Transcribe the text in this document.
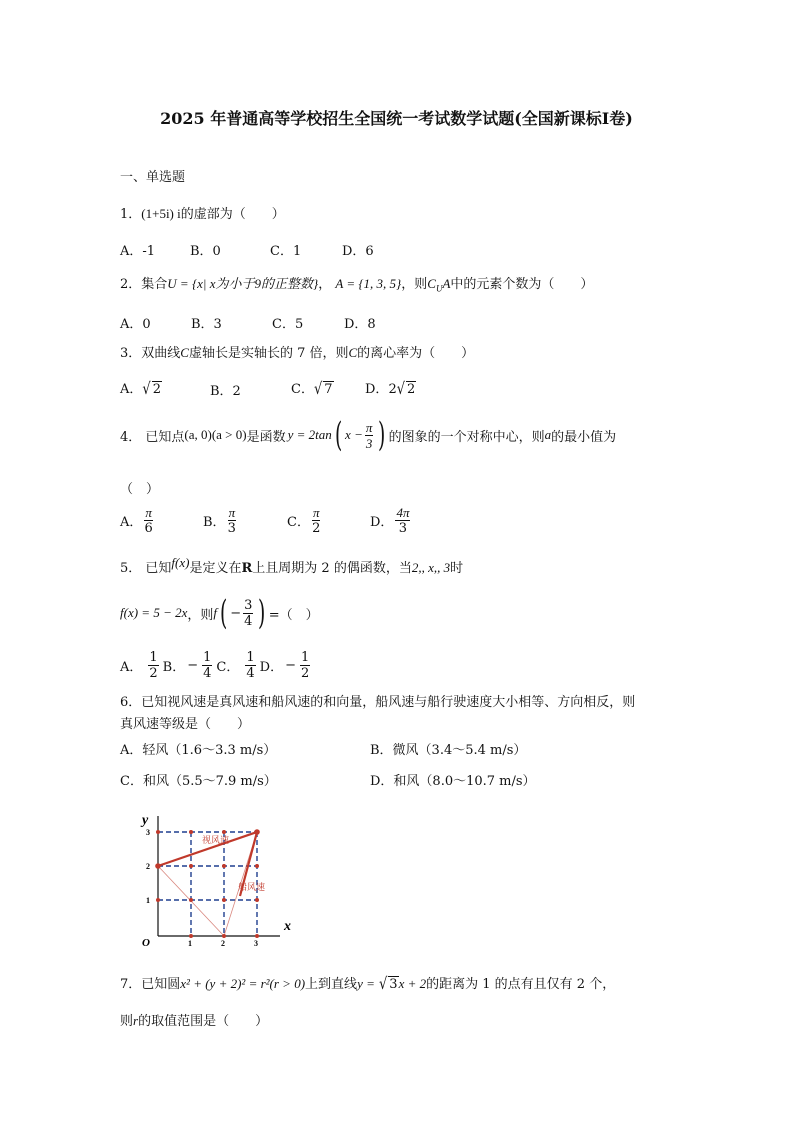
2025 年普通高等学校招生全国统一考试数学试题(全国新课标Ⅰ卷)
一、单选题
1．(1+5i) i的虚部为（　　）
A．-1	B．0	C．1	D．6
2．集合U = {x| x为小于9的正整数}， A = {1, 3, 5}，则$C_UA$中的元素个数为（　　）
A．0	B．3	C．5	D．8
3．双曲线C虚轴长是实轴长的 7 倍，则C的离心率为（　　）
A．√ 2	B．2	C．√ 7 D．2√ 2
4． 已知点 (a, 0)(a > 0) 是函数 y = 2tan ( $x - \frac{\pi}{3}$ ) 的图象的一个对称中心，则 a 的最小值为
（　）
A． $\frac{\pi}{6}$	B． $\frac{\pi}{3}$	C． $\frac{\pi}{2}$	D． $\frac{4\pi}{3}$
5． 已知f(x)是定义在R上且周期为 2 的偶函数，当2,, x,, 3时
f(x) = 5 − 2x ，则 f ( − $\frac{3}{4}$ ) =（　）
A． $\frac{1}{2}$ B． − $\frac{1}{4}$ C． $\frac{1}{4}$ D． − $\frac{1}{2}$
6．已知视风速是真风速和船风速的和向量，船风速与船行驶速度大小相等、方向相反，则
真风速等级是（　　）
A．轻风（1.6～3.3 m/s）	B．微风（3.4～5.4 m/s）
C．和风（5.5～7.9 m/s）	D．和风（8.0～10.7 m/s）
视风速
船风速
y
x
O	1	2	3
1
2
3
7．已知圆x² + (y + 2)² = r²(r > 0)上到直线y = √ 3x + 2的距离为 1 的点有且仅有 2 个，
则r的取值范围是（　　）
